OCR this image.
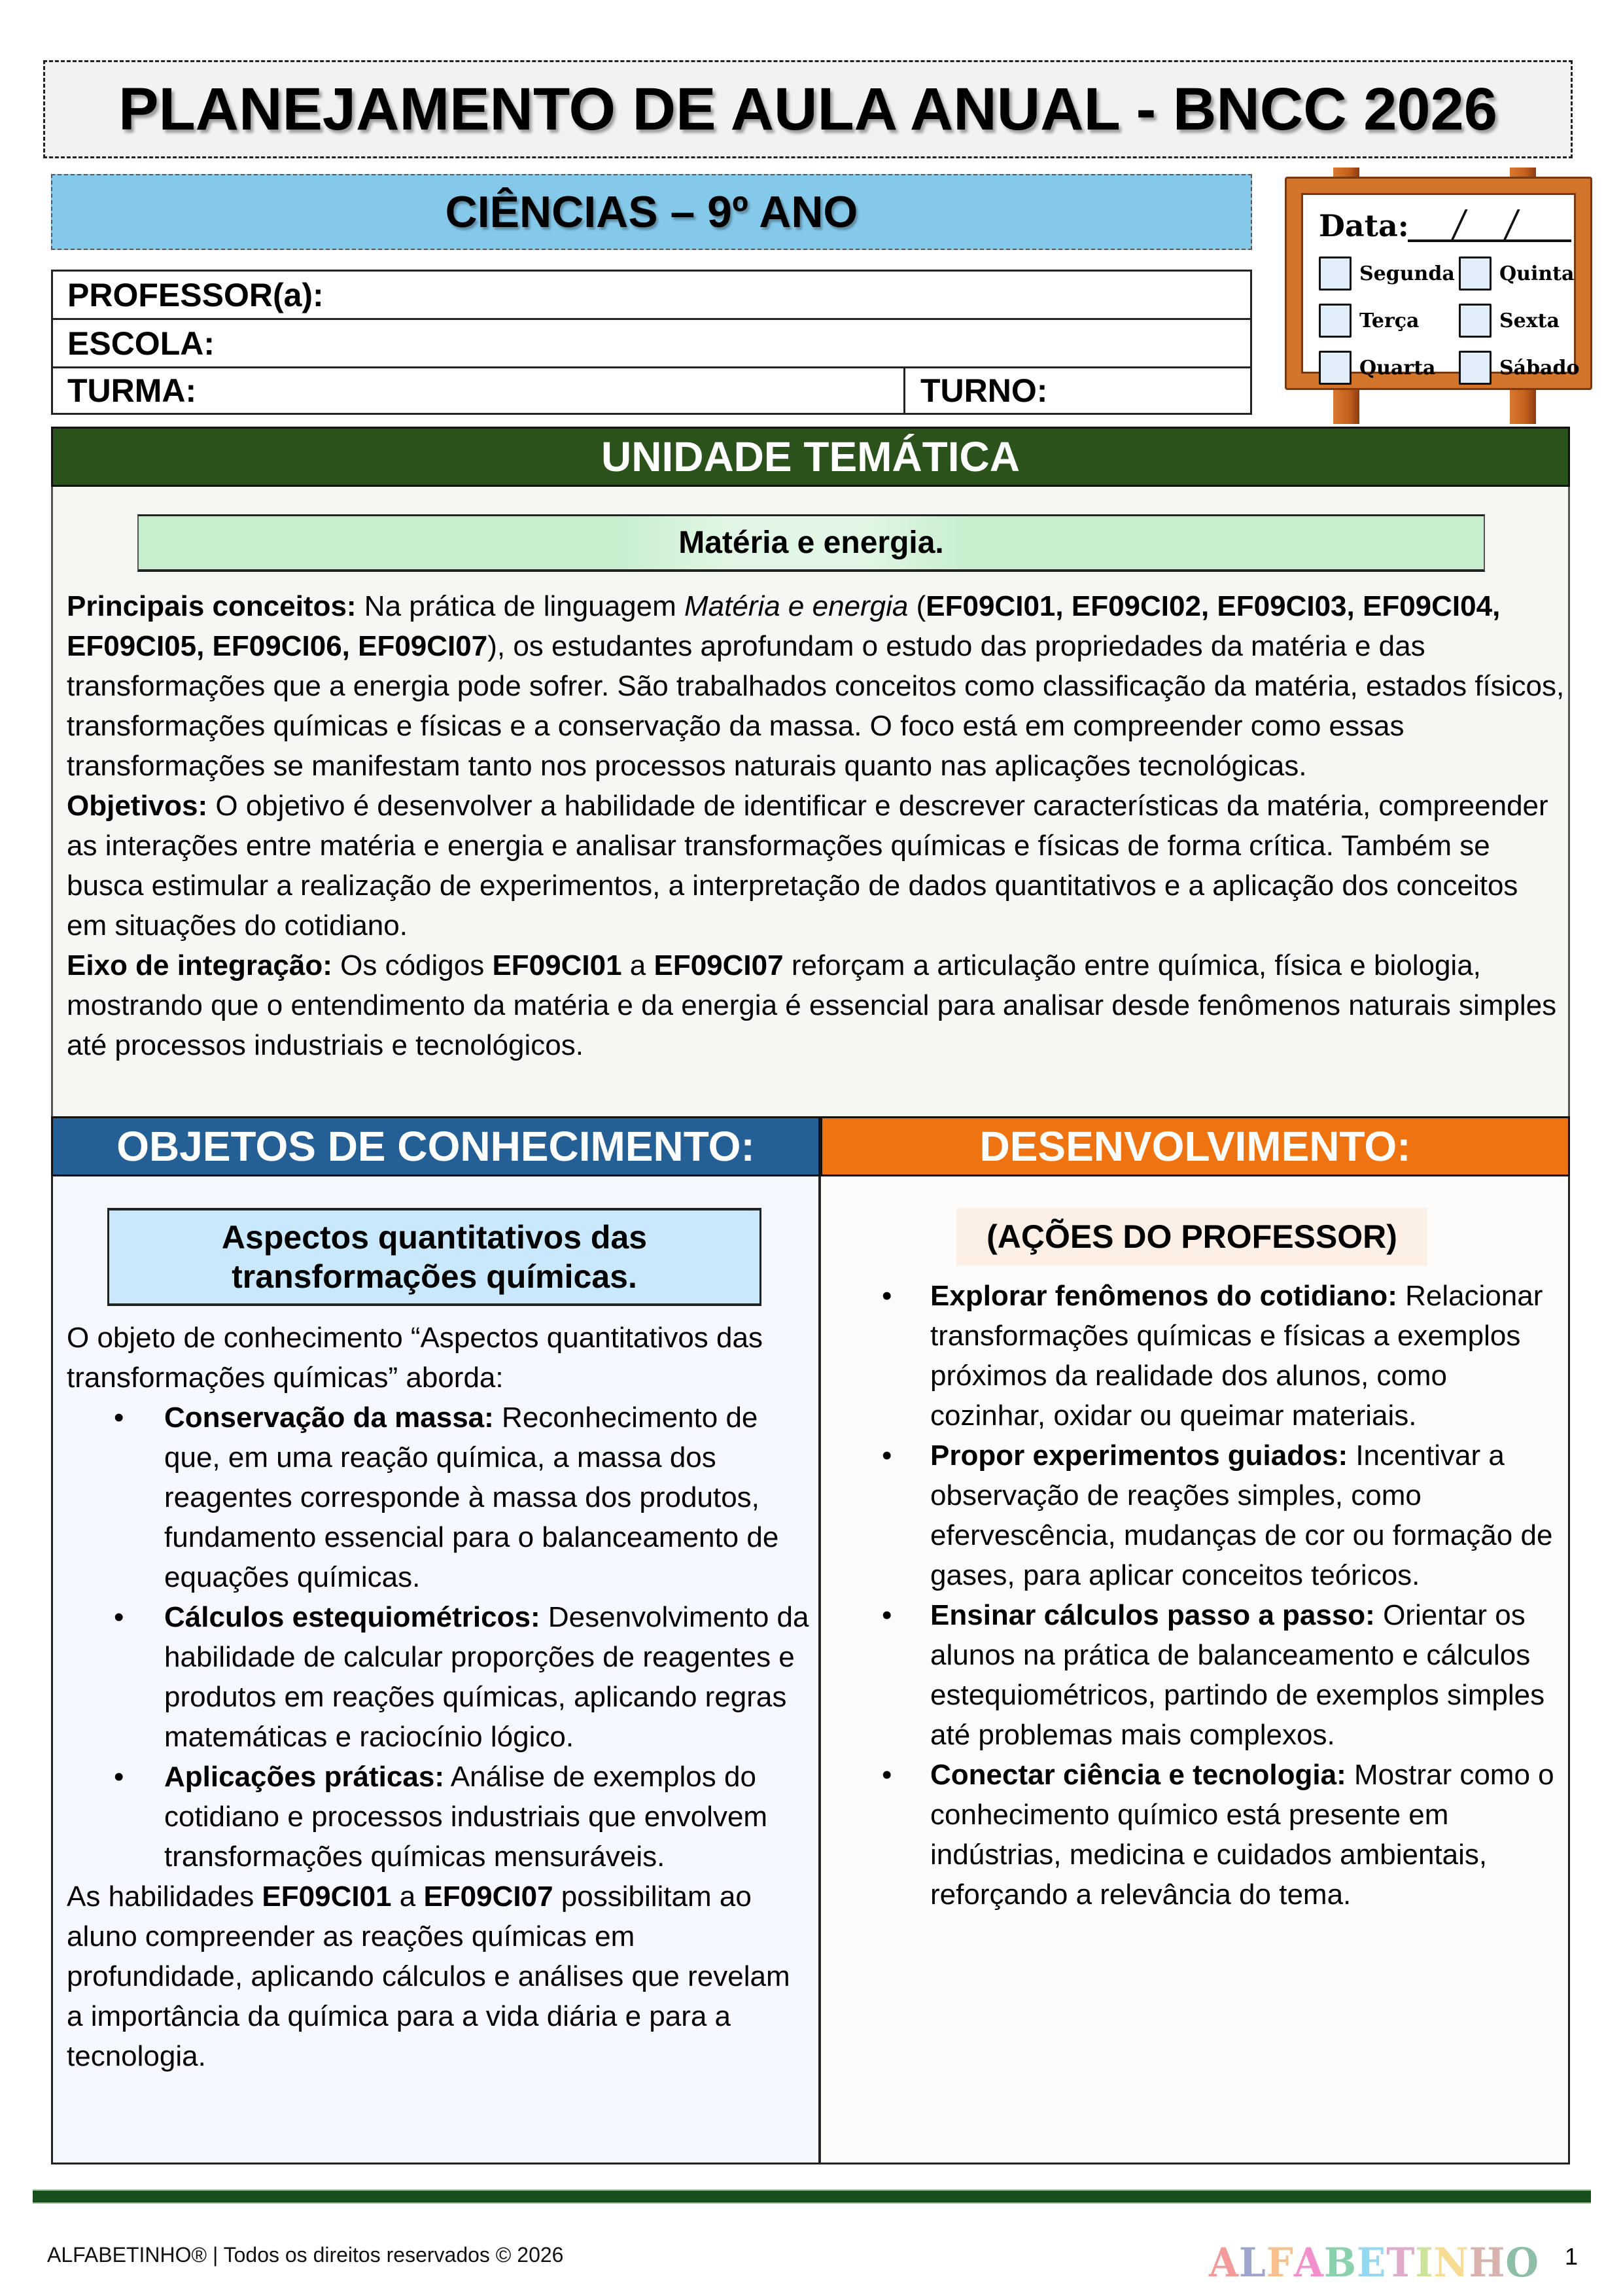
PLANEJAMENTO DE AULA ANUAL - BNCC 2026
CIÊNCIAS – 9º ANO
PROFESSOR(a):
ESCOLA:
TURMA:	TURNO:
Data:
Segunda Quinta
Terça	Sexta
Quarta	Sábado
UNIDADE TEMÁTICA
Matéria e energia.

Principais conceitos: Na prática de linguagem Matéria e energia (EF09CI01, EF09CI02, EF09CI03, EF09CI04, EF09CI05, EF09CI06, EF09CI07), os estudantes aprofundam o estudo das propriedades da matéria e das transformações que a energia pode sofrer. São trabalhados conceitos como classificação da matéria, estados físicos, transformações químicas e físicas e a conservação da massa. O foco está em compreender como essas transformações se manifestam tanto nos processos naturais quanto nas aplicações tecnológicas.

Objetivos: O objetivo é desenvolver a habilidade de identificar e descrever características da matéria, compreender as interações entre matéria e energia e analisar transformações químicas e físicas de forma crítica. Também se busca estimular a realização de experimentos, a interpretação de dados quantitativos e a aplicação dos conceitos em situações do cotidiano.

Eixo de integração: Os códigos EF09CI01 a EF09CI07 reforçam a articulação entre química, física e biologia, mostrando que o entendimento da matéria e da energia é essencial para analisar desde fenômenos naturais simples até processos industriais e tecnológicos.

OBJETOS DE CONHECIMENTO:	DESENVOLVIMENTO:
Aspectos quantitativos das transformações químicas.
(AÇÕES DO PROFESSOR)

O objeto de conhecimento “Aspectos quantitativos das transformações químicas” aborda:

• Conservação da massa: Reconhecimento de que, em uma reação química, a massa dos reagentes corresponde à massa dos produtos, fundamento essencial para o balanceamento de equações químicas.
• Cálculos estequiométricos: Desenvolvimento da habilidade de calcular proporções de reagentes e produtos em reações químicas, aplicando regras matemáticas e raciocínio lógico.
• Aplicações práticas: Análise de exemplos do cotidiano e processos industriais que envolvem transformações químicas mensuráveis.

As habilidades EF09CI01 a EF09CI07 possibilitam ao aluno compreender as reações químicas em profundidade, aplicando cálculos e análises que revelam a importância da química para a vida diária e para a tecnologia.

• Explorar fenômenos do cotidiano: Relacionar transformações químicas e físicas a exemplos próximos da realidade dos alunos, como cozinhar, oxidar ou queimar materiais.
• Propor experimentos guiados: Incentivar a observação de reações simples, como efervescência, mudanças de cor ou formação de gases, para aplicar conceitos teóricos.
• Ensinar cálculos passo a passo: Orientar os alunos na prática de balanceamento e cálculos estequiométricos, partindo de exemplos simples até problemas mais complexos.
• Conectar ciência e tecnologia: Mostrar como o conhecimento químico está presente em indústrias, medicina e cuidados ambientais, reforçando a relevância do tema.
ALFABETINHO® | Todos os direitos reservados © 2026	A L F A B E T I N H O 1
